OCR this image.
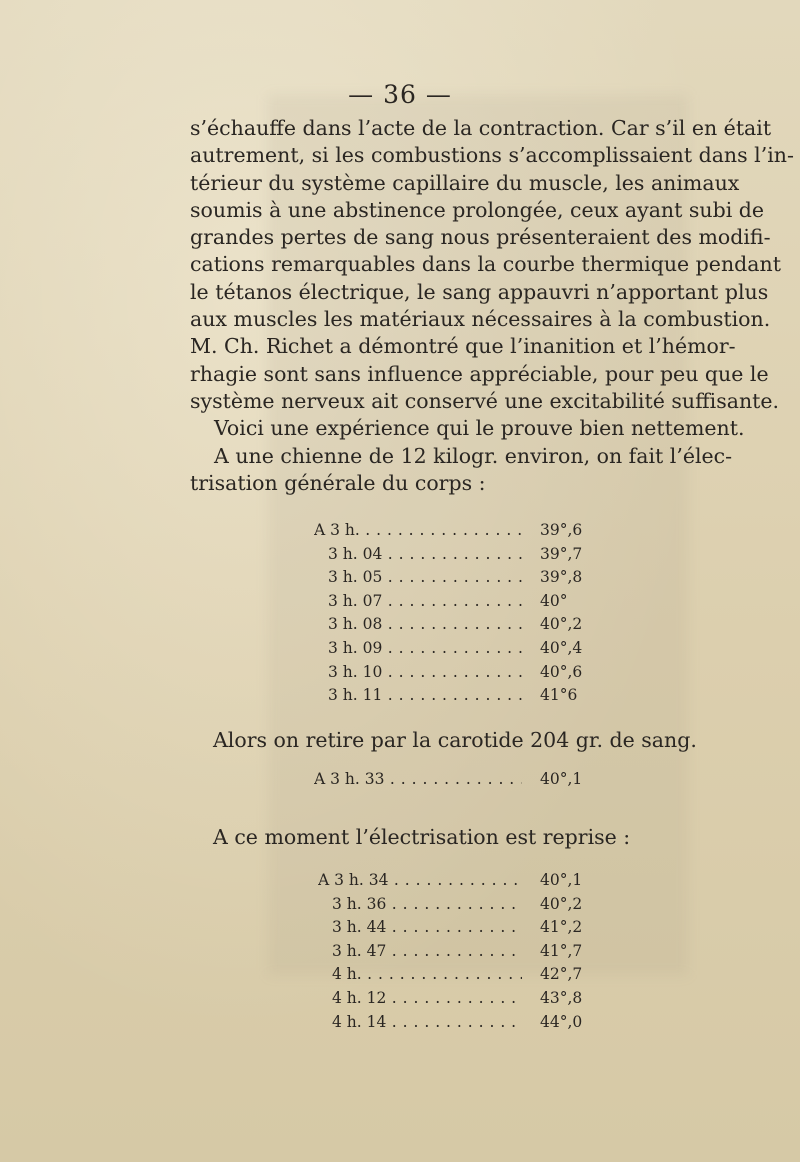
— 36 —
s’échauffe dans l’acte de la contraction. Car s’il en était
autrement, si les combustions s’accomplissaient dans l’in-
térieur du système capillaire du muscle, les animaux
soumis à une abstinence prolongée, ceux ayant subi de
grandes pertes de sang nous présenteraient des modifi-
cations remarquables dans la courbe thermique pendant
le tétanos électrique, le sang appauvri n’apportant plus
aux muscles les matériaux nécessaires à la combustion.
M. Ch. Richet a démontré que l’inanition et l’hémor-
rhagie sont sans influence appréciable, pour peu que le
système nerveux ait conservé une excitabilité suffisante.
Voici une expérience qui le prouve bien nettement.
A une chienne de 12 kilogr. environ, on fait l’élec-
trisation générale du corps :
A 3 h. . . .	39°,6
3 h. 04 . . .	39°,7
3 h. 05 . . .	39°,8
3 h. 07 . . .	40°
3 h. 08 . . .	40°,2
3 h. 09 . . .	40°,4
3 h. 10 . . .	40°,6
3 h. 11 . . .	41°6
Alors on retire par la carotide 204 gr. de sang.
A 3 h. 33 . . .	40°,1
A ce moment l’électrisation est reprise :
A 3 h. 34 . . .	40°,1
3 h. 36 . . .	40°,2
3 h. 44 . . .	41°,2
3 h. 47 . . .	41°,7
4 h. . . .	42°,7
4 h. 12 . . .	43°,8
4 h. 14 . . .	44°,0
